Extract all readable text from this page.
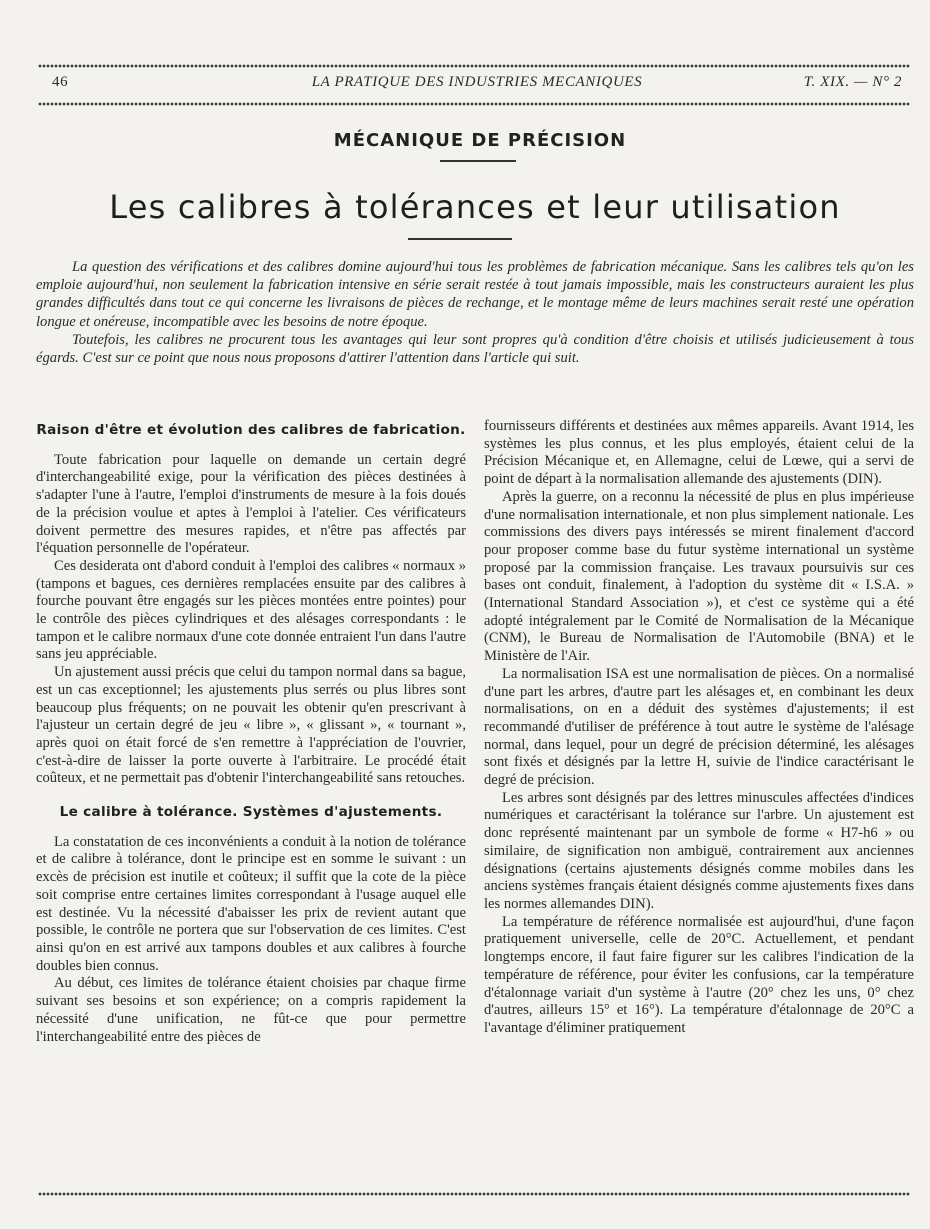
46	LA PRATIQUE DES INDUSTRIES MECANIQUES	T. XIX. — N° 2
MÉCANIQUE DE PRÉCISION
Les calibres à tolérances et leur utilisation

La question des vérifications et des calibres domine aujourd'hui tous les problèmes de fabrication mécanique. Sans les calibres tels qu'on les emploie aujourd'hui, non seulement la fabrication intensive en série serait restée à tout jamais impossible, mais les constructeurs auraient les plus grandes difficultés dans tout ce qui concerne les livraisons de pièces de rechange, et le montage même de leurs machines serait resté une opération longue et onéreuse, incompatible avec les besoins de notre époque.

Toutefois, les calibres ne procurent tous les avantages qui leur sont propres qu'à condition d'être choisis et utilisés judicieusement à tous égards. C'est sur ce point que nous nous proposons d'attirer l'attention dans l'article qui suit.

Raison d'être et évolution des calibres de fabrication.

Toute fabrication pour laquelle on demande un certain degré d'interchangeabilité exige, pour la vérification des pièces destinées à s'adapter l'une à l'autre, l'emploi d'instruments de mesure à la fois doués de la précision voulue et aptes à l'emploi à l'atelier. Ces vérificateurs doivent permettre des mesures rapides, et n'être pas affectés par l'équation personnelle de l'opérateur.

Ces desiderata ont d'abord conduit à l'emploi des calibres « normaux » (tampons et bagues, ces dernières remplacées ensuite par des calibres à fourche pouvant être engagés sur les pièces montées entre pointes) pour le contrôle des pièces cylindriques et des alésages correspondants : le tampon et le calibre normaux d'une cote donnée entraient l'un dans l'autre sans jeu appréciable.

Un ajustement aussi précis que celui du tampon normal dans sa bague, est un cas exceptionnel; les ajustements plus serrés ou plus libres sont beaucoup plus fréquents; on ne pouvait les obtenir qu'en prescrivant à l'ajusteur un certain degré de jeu « libre », « glissant », « tournant », après quoi on était forcé de s'en remettre à l'appréciation de l'ouvrier, c'est-à-dire de laisser la porte ouverte à l'arbitraire. Le procédé était coûteux, et ne permettait pas d'obtenir l'interchangeabilité sans retouches.

Le calibre à tolérance. Systèmes d'ajustements.

La constatation de ces inconvénients a conduit à la notion de tolérance et de calibre à tolérance, dont le principe est en somme le suivant : un excès de précision est inutile et coûteux; il suffit que la cote de la pièce soit comprise entre certaines limites correspondant à l'usage auquel elle est destinée. Vu la nécessité d'abaisser les prix de revient autant que possible, le contrôle ne portera que sur l'observation de ces limites. C'est ainsi qu'on en est arrivé aux tampons doubles et aux calibres à fourche doubles bien connus.

Au début, ces limites de tolérance étaient choisies par chaque firme suivant ses besoins et son expérience; on a compris rapidement la nécessité d'une unification, ne fût-ce que pour permettre l'interchangeabilité entre des pièces de

fournisseurs différents et destinées aux mêmes appareils. Avant 1914, les systèmes les plus connus, et les plus employés, étaient celui de la Précision Mécanique et, en Allemagne, celui de Lœwe, qui a servi de point de départ à la normalisation allemande des ajustements (DIN).

Après la guerre, on a reconnu la nécessité de plus en plus impérieuse d'une normalisation internationale, et non plus simplement nationale. Les commissions des divers pays intéressés se mirent finalement d'accord pour proposer comme base du futur système international un système proposé par la commission française. Les travaux poursuivis sur ces bases ont conduit, finalement, à l'adoption du système dit « I.S.A. » (International Standard Association »), et c'est ce système qui a été adopté intégralement par le Comité de Normalisation de la Mécanique (CNM), le Bureau de Normalisation de l'Automobile (BNA) et le Ministère de l'Air.

La normalisation ISA est une normalisation de pièces. On a normalisé d'une part les arbres, d'autre part les alésages et, en combinant les deux normalisations, on en a déduit des systèmes d'ajustements; il est recommandé d'utiliser de préférence à tout autre le système de l'alésage normal, dans lequel, pour un degré de précision déterminé, les alésages sont fixés et désignés par la lettre H, suivie de l'indice caractérisant le degré de précision.

Les arbres sont désignés par des lettres minuscules affectées d'indices numériques et caractérisant la tolérance sur l'arbre. Un ajustement est donc représenté maintenant par un symbole de forme « H7-h6 » ou similaire, de signification non ambiguë, contrairement aux anciennes désignations (certains ajustements désignés comme mobiles dans les anciens systèmes français étaient désignés comme ajustements fixes dans les normes allemandes DIN).

La température de référence normalisée est aujourd'hui, d'une façon pratiquement universelle, celle de 20°C. Actuellement, et pendant longtemps encore, il faut faire figurer sur les calibres l'indication de la température de référence, pour éviter les confusions, car la température d'étalonnage variait d'un système à l'autre (20° chez les uns, 0° chez d'autres, ailleurs 15° et 16°). La température d'étalonnage de 20°C a l'avantage d'éliminer pratiquement
